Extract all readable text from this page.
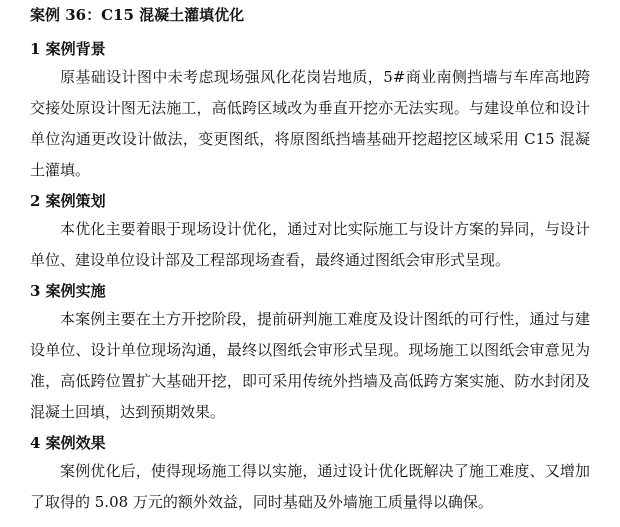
案例 36：C15 混凝土灌填优化
1 案例背景

原基础设计图中未考虑现场强风化花岗岩地质，5#商业南侧挡墙与车库高地跨交接处原设计图无法施工，高低跨区域改为垂直开挖亦无法实现。与建设单位和设计单位沟通更改设计做法，变更图纸，将原图纸挡墙基础开挖超挖区域采用 C15 混凝土灌填。

2 案例策划

本优化主要着眼于现场设计优化，通过对比实际施工与设计方案的异同，与设计单位、建设单位设计部及工程部现场查看，最终通过图纸会审形式呈现。

3 案例实施

本案例主要在土方开挖阶段，提前研判施工难度及设计图纸的可行性，通过与建设单位、设计单位现场沟通，最终以图纸会审形式呈现。现场施工以图纸会审意见为准，高低跨位置扩大基础开挖，即可采用传统外挡墙及高低跨方案实施、防水封闭及混凝土回填，达到预期效果。

4 案例效果

案例优化后，使得现场施工得以实施，通过设计优化既解决了施工难度、又增加了取得的 5.08 万元的额外效益，同时基础及外墙施工质量得以确保。
